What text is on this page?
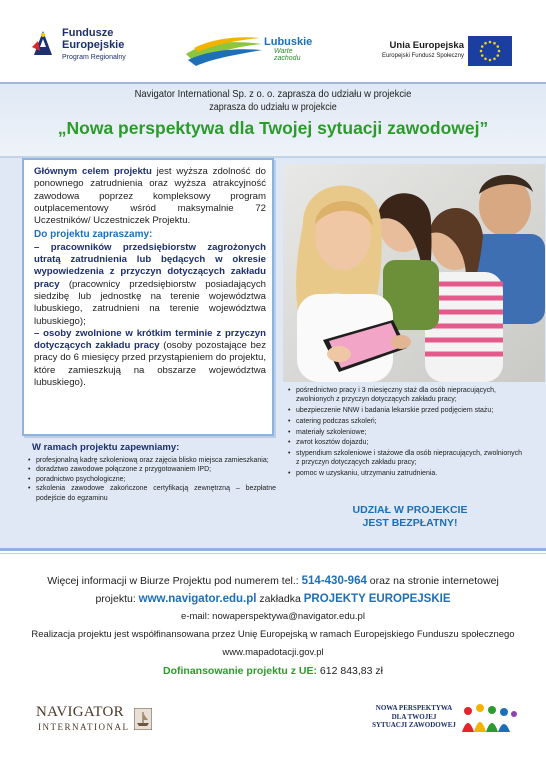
Fundusze
Europejskie
Program Regionalny
Lubuskie
Warte zachodu
Unia Europejska
Europejski Fundusz Społeczny
Navigator International Sp. z o. o. zaprasza do udziału w projekcie
zaprasza do udziału w projekcie
„Nowa perspektywa dla Twojej sytuacji zawodowej”

Głównym celem projektu jest wyższa zdolność do ponownego zatrudnienia oraz wyższa atrakcyjność zawodowa poprzez kompleksowy program outplacementowy wśród maksymalnie 72 Uczestników/ Uczestniczek Projektu.

Do projektu zapraszamy:

– pracowników przedsiębiorstw zagrożonych utratą zatrudnienia lub będących w okresie wypowiedzenia z przyczyn dotyczących zakładu pracy (pracownicy przedsiębiorstw posiadających siedzibę lub jednostkę na terenie województwa lubuskiego, zatrudnieni na terenie województwa lubuskiego);

– osoby zwolnione w krótkim terminie z przyczyn dotyczących zakładu pracy (osoby pozostające bez pracy do 6 miesięcy przed przystąpieniem do projektu, które zamieszkują na obszarze województwa lubuskiego).

W ramach projektu zapewniamy:
• profesjonalną kadrę szkoleniową oraz zajęcia blisko miejsca zamieszkania;
• doradztwo zawodowe połączone z przygotowaniem IPD;
• poradnictwo psychologiczne;
• szkolenia zawodowe zakończone certyfikacją zewnętrzną – bezpłatne podejście do egzaminu
• pośrednictwo pracy i 3 miesięczny staż dla osób niepracujących, zwolnionych z przyczyn dotyczących zakładu pracy;
• ubezpieczenie NNW i badania lekarskie przed podjęciem stażu;
• catering podczas szkoleń;
• materiały szkoleniowe;
• zwrot kosztów dojazdu;
• stypendium szkoleniowe i stażowe dla osób niepracujących, zwolnionych z przyczyn dotyczących zakładu pracy;
• pomoc w uzyskaniu, utrzymaniu zatrudnienia.
UDZIAŁ W PROJEKCIE
JEST BEZPŁATNY!
Więcej informacji w Biurze Projektu pod numerem tel.: 514-430-964 oraz na stronie internetowej
projektu: www.navigator.edu.pl zakładka PROJEKTY EUROPEJSKIE
e-mail: nowaperspektywa@navigator.edu.pl
Realizacja projektu jest współfinansowana przez Unię Europejską w ramach Europejskiego Funduszu społecznego
www.mapadotacji.gov.pl
Dofinansowanie projektu z UE: 612 843,83 zł
NAVIGATOR
INTERNATIONAL
NOWA PERSPEKTYWA
DLA TWOJEJ
SYTUACJI ZAWODOWEJ
